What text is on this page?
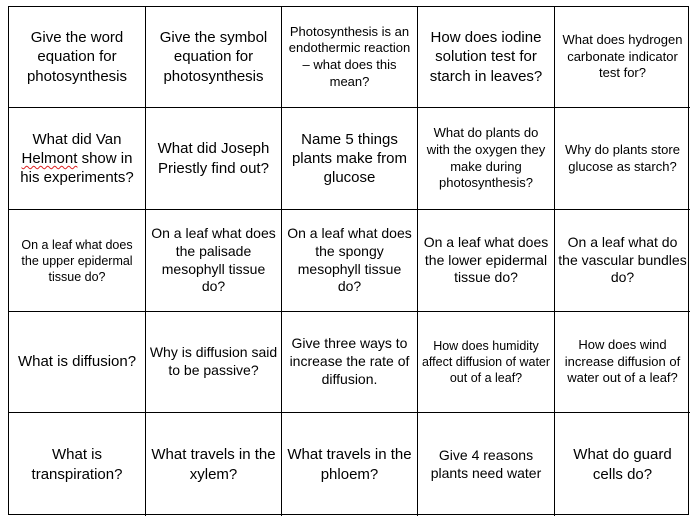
Give the word equation for photosynthesis
Give the symbol equation for photosynthesis
Photosynthesis is an endothermic reaction – what does this mean?
How does iodine solution test for starch in leaves?
What does hydrogen carbonate indicator test for?
What did Van Helmont show in his experiments?
What did Joseph Priestly find out?
Name 5 things plants make from glucose
What do plants do with the oxygen they make during photosynthesis?
Why do plants store glucose as starch?
On a leaf what does the upper epidermal tissue do?
On a leaf what does the palisade mesophyll tissue do?
On a leaf what does the spongy mesophyll tissue do?
On a leaf what does the lower epidermal tissue do?
On a leaf what do the vascular bundles do?
What is diffusion?
Why is diffusion said to be passive?
Give three ways to increase the rate of diffusion.
How does humidity affect diffusion of water out of a leaf?
How does wind increase diffusion of water out of a leaf?
What is transpiration?
What travels in the xylem?
What travels in the phloem?
Give 4 reasons plants need water
What do guard cells do?
